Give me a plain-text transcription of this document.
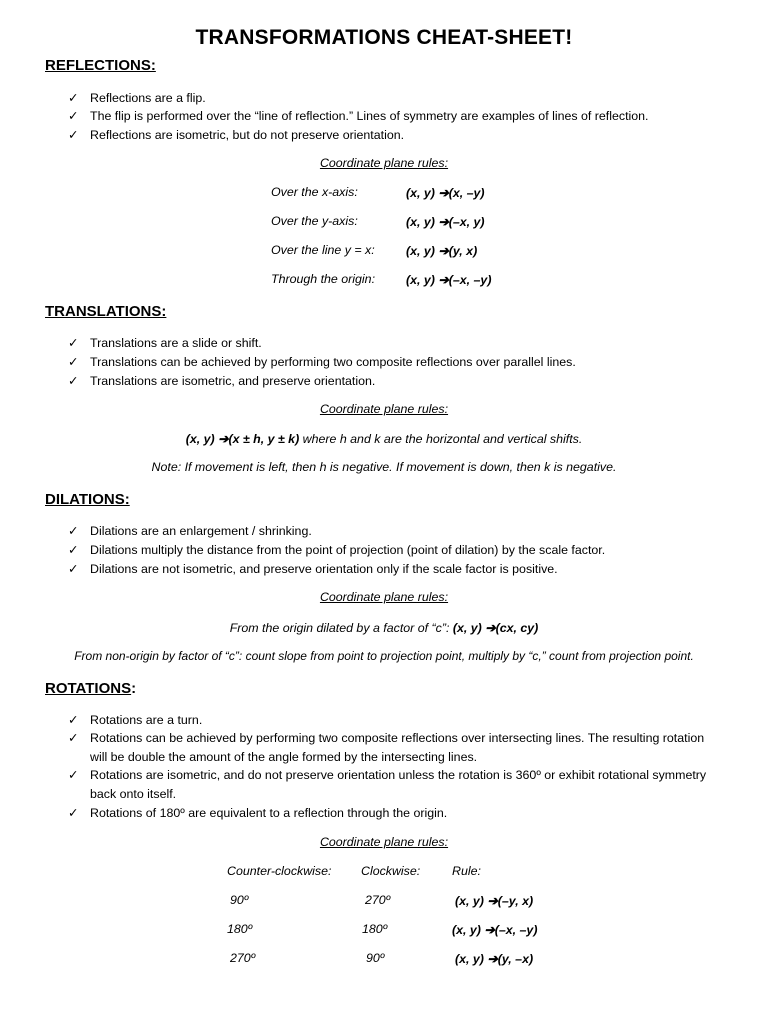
TRANSFORMATIONS CHEAT-SHEET!
REFLECTIONS:
✓ Reflections are a flip.
✓ The flip is performed over the “line of reflection.” Lines of symmetry are examples of lines of reflection.
✓ Reflections are isometric, but do not preserve orientation.
Coordinate plane rules:
Over the x-axis:	(x, y) ➔(x, –y)
Over the y-axis:	(x, y) ➔(–x, y)
Over the line y = x:	(x, y) ➔(y, x)
Through the origin: (x, y) ➔(–x, –y)
TRANSLATIONS:
✓ Translations are a slide or shift.
✓ Translations can be achieved by performing two composite reflections over parallel lines.
✓ Translations are isometric, and preserve orientation.
Coordinate plane rules:
(x, y) ➔(x ± h, y ± k) where h and k are the horizontal and vertical shifts.
Note: If movement is left, then h is negative. If movement is down, then k is negative.
DILATIONS:
✓ Dilations are an enlargement / shrinking.
✓ Dilations multiply the distance from the point of projection (point of dilation) by the scale factor.
✓ Dilations are not isometric, and preserve orientation only if the scale factor is positive.
Coordinate plane rules:
From the origin dilated by a factor of “c”: (x, y) ➔(cx, cy)
From non-origin by factor of “c”: count slope from point to projection point, multiply by “c,” count from projection point.
ROTATIONS:
✓ Rotations are a turn.
✓ Rotations can be achieved by performing two composite reflections over intersecting lines. The resulting rotation will be double the amount of the angle formed by the intersecting lines.
✓ Rotations are isometric, and do not preserve orientation unless the rotation is 360º or exhibit rotational symmetry back onto itself.
✓ Rotations of 180º are equivalent to a reflection through the origin.
Coordinate plane rules:
Counter-clockwise: Clockwise:	Rule:
90º	270º	(x, y) ➔(–y, x)
180º	180º	(x, y) ➔(–x, –y)
270º	90º	(x, y) ➔(y, –x)
